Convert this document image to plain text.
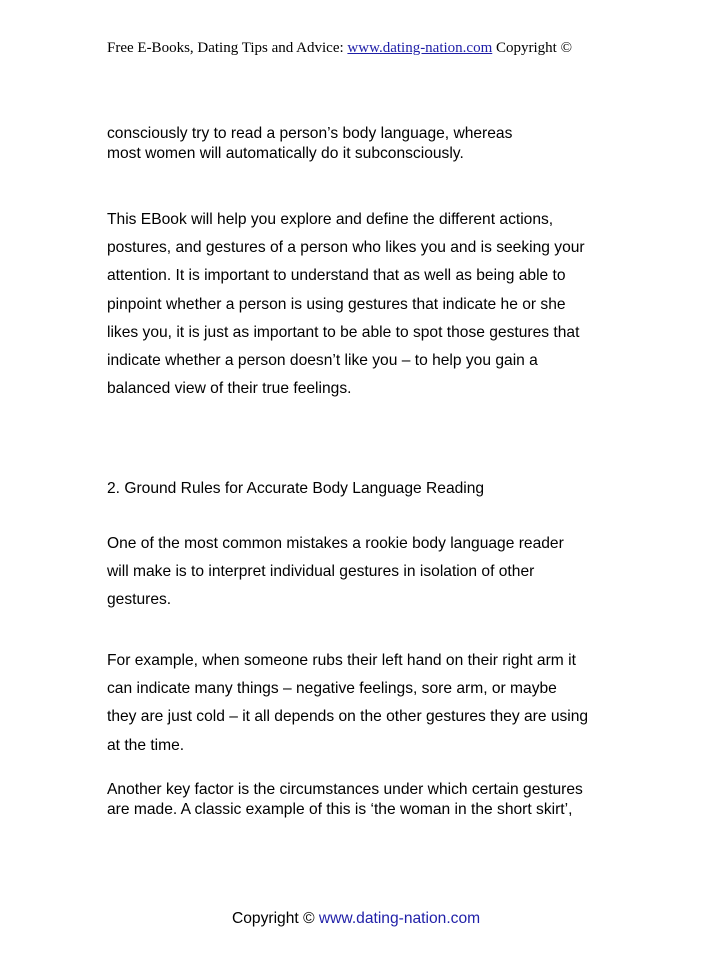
Free E-Books, Dating Tips and Advice: www.dating-nation.com Copyright ©
consciously try to read a person’s body language, whereas
most women will automatically do it subconsciously.
This EBook will help you explore and define the different actions,
postures, and gestures of a person who likes you and is seeking your
attention. It is important to understand that as well as being able to
pinpoint whether a person is using gestures that indicate he or she
likes you, it is just as important to be able to spot those gestures that
indicate whether a person doesn’t like you – to help you gain a
balanced view of their true feelings.
2. Ground Rules for Accurate Body Language Reading
One of the most common mistakes a rookie body language reader
will make is to interpret individual gestures in isolation of other
gestures.
For example, when someone rubs their left hand on their right arm it
can indicate many things – negative feelings, sore arm, or maybe
they are just cold – it all depends on the other gestures they are using
at the time.
Another key factor is the circumstances under which certain gestures
are made. A classic example of this is ‘the woman in the short skirt’,
Copyright © www.dating-nation.com
